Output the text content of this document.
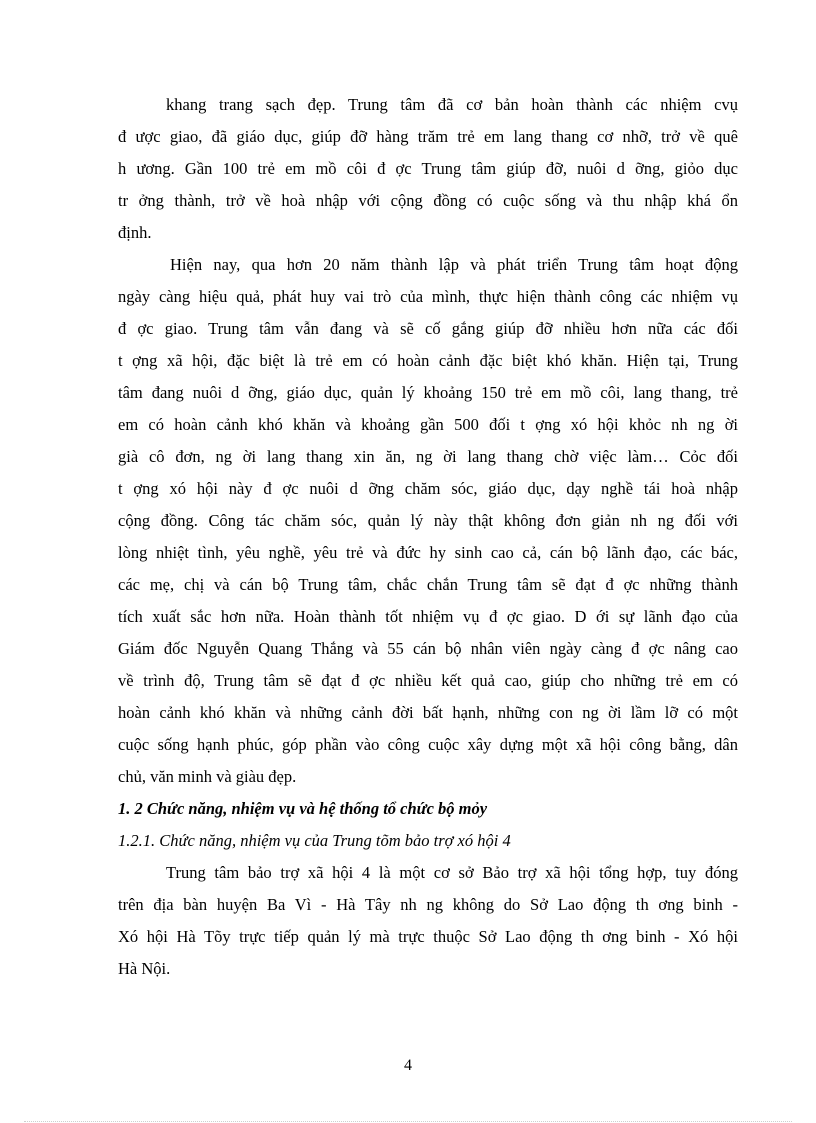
khang trang sạch đẹp. Trung tâm đã cơ bản hoàn thành các nhiệm cvụ
đ ược giao, đã giáo dục, giúp đỡ hàng trăm trẻ em lang thang cơ nhỡ, trở về quê
h ương. Gần 100 trẻ em mồ côi đ ợc Trung tâm giúp đỡ, nuôi d ỡng, giỏo dục
tr ởng thành, trở về hoà nhập với cộng đồng có cuộc sống và thu nhập khá ổn
định.
Hiện nay, qua hơn 20 năm thành lập và phát triển Trung tâm hoạt động
ngày càng hiệu quả, phát huy vai trò của mình, thực hiện thành công các nhiệm vụ
đ ợc giao. Trung tâm vẫn đang và sẽ cố gắng giúp đỡ nhiều hơn nữa các đối
t ợng xã hội, đặc biệt là trẻ em có hoàn cảnh đặc biệt khó khăn. Hiện tại, Trung
tâm đang nuôi d ỡng, giáo dục, quản lý khoảng 150 trẻ em mồ côi, lang thang, trẻ
em có hoàn cảnh khó khăn và khoảng gần 500 đối t ợng xó hội khỏc nh ng ời
già cô đơn, ng ời lang thang xin ăn, ng ời lang thang chờ việc làm… Cỏc đối
t ợng xó hội này đ ợc nuôi d ỡng chăm sóc, giáo dục, dạy nghề tái hoà nhập
cộng đồng. Công tác chăm sóc, quản lý này thật không đơn giản nh ng đối với
lòng nhiệt tình, yêu nghề, yêu trẻ và đức hy sinh cao cả, cán bộ lãnh đạo, các bác,
các mẹ, chị và cán bộ Trung tâm, chắc chắn Trung tâm sẽ đạt đ ợc những thành
tích xuất sắc hơn nữa. Hoàn thành tốt nhiệm vụ đ ợc giao. D ới sự lãnh đạo của
Giám đốc Nguyễn Quang Thắng và 55 cán bộ nhân viên ngày càng đ ợc nâng cao
về trình độ, Trung tâm sẽ đạt đ ợc nhiều kết quả cao, giúp cho những trẻ em có
hoàn cảnh khó khăn và những cảnh đời bất hạnh, những con ng ời lầm lỡ có một
cuộc sống hạnh phúc, góp phần vào công cuộc xây dựng một xã hội công bằng, dân
chủ, văn minh và giàu đẹp.
1. 2 Chức năng, nhiệm vụ và hệ thống tổ chức bộ mỏy
1.2.1. Chức năng, nhiệm vụ của Trung tõm bảo trợ xó hội 4
Trung tâm bảo trợ xã hội 4 là một cơ sở Bảo trợ xã hội tổng hợp, tuy đóng
trên địa bàn huyện Ba Vì - Hà Tây nh ng không do Sở Lao động th ơng binh -
Xó hội Hà Tõy trực tiếp quản lý mà trực thuộc Sở Lao động th ơng binh - Xó hội
Hà Nội.
4
